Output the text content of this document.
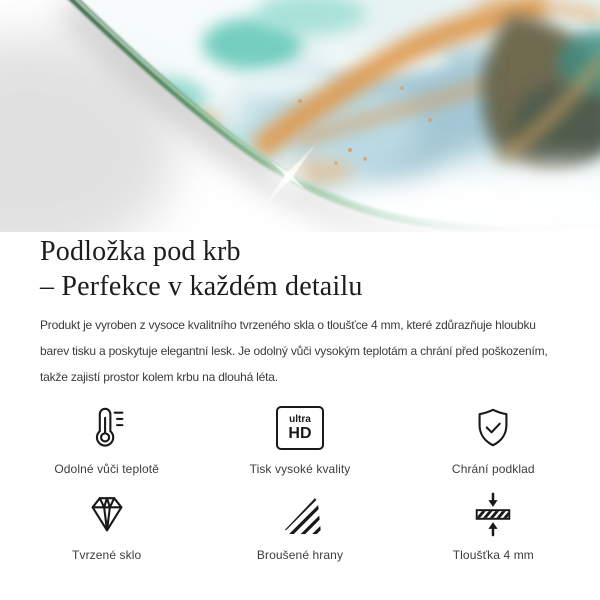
Podložka pod krb
– Perfekce v každém detailu

Produkt je vyroben z vysoce kvalitního tvrzeného skla o tloušťce 4 mm, které zdůrazňuje hloubku
barev tisku a poskytuje elegantní lesk. Je odolný vůči vysokým teplotám a chrání před poškozením,
takže zajistí prostor kolem krbu na dlouhá léta.

Odolné vůči teplotě
ultra
HD
Tisk vysoké kvality	Chrání podklad
Tvrzené sklo	Broušené hrany	Tloušťka 4 mm
